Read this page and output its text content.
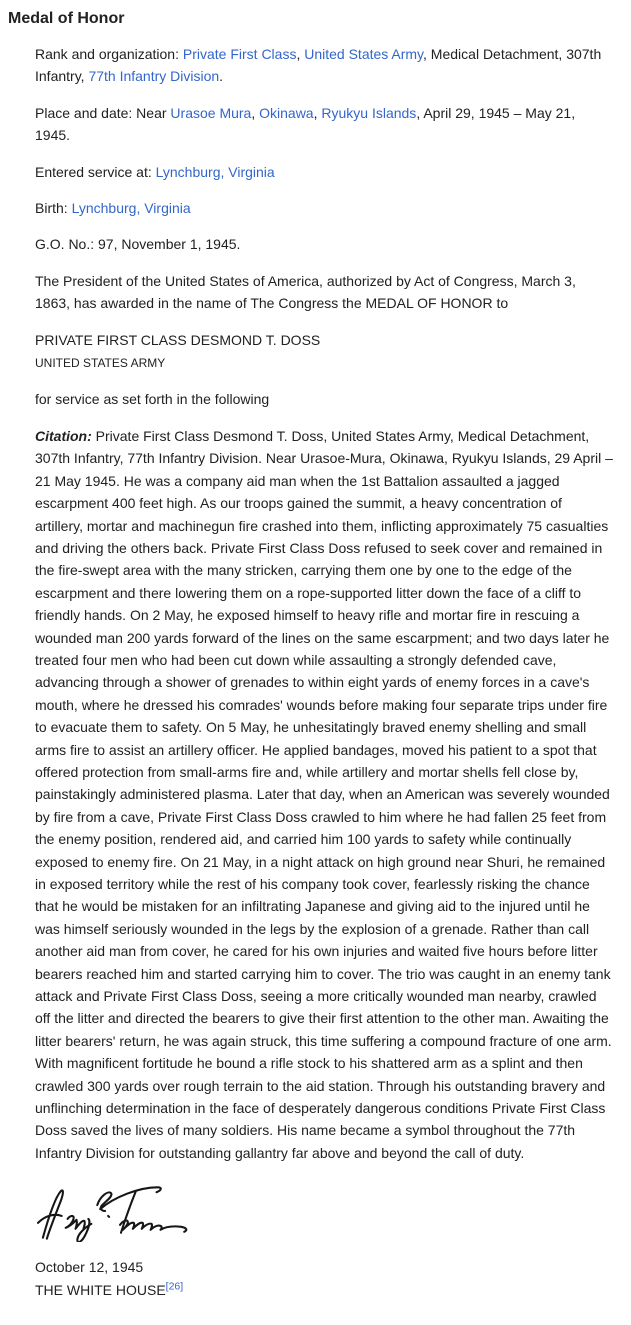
Medal of Honor

Rank and organization: Private First Class, United States Army, Medical Detachment, 307th Infantry, 77th Infantry Division.

Place and date: Near Urasoe Mura, Okinawa, Ryukyu Islands, April 29, 1945 – May 21, 1945.

Entered service at: Lynchburg, Virginia

Birth: Lynchburg, Virginia

G.O. No.: 97, November 1, 1945.

The President of the United States of America, authorized by Act of Congress, March 3, 1863, has awarded in the name of The Congress the MEDAL OF HONOR to

PRIVATE FIRST CLASS DESMOND T. DOSS
UNITED STATES ARMY

for service as set forth in the following

Citation: Private First Class Desmond T. Doss, United States Army, Medical Detachment, 307th Infantry, 77th Infantry Division. Near Urasoe-Mura, Okinawa, Ryukyu Islands, 29 April – 21 May 1945. He was a company aid man when the 1st Battalion assaulted a jagged escarpment 400 feet high. As our troops gained the summit, a heavy concentration of artillery, mortar and machinegun fire crashed into them, inflicting approximately 75 casualties and driving the others back. Private First Class Doss refused to seek cover and remained in the fire-swept area with the many stricken, carrying them one by one to the edge of the escarpment and there lowering them on a rope-supported litter down the face of a cliff to friendly hands. On 2 May, he exposed himself to heavy rifle and mortar fire in rescuing a wounded man 200 yards forward of the lines on the same escarpment; and two days later he treated four men who had been cut down while assaulting a strongly defended cave, advancing through a shower of grenades to within eight yards of enemy forces in a cave's mouth, where he dressed his comrades' wounds before making four separate trips under fire to evacuate them to safety. On 5 May, he unhesitatingly braved enemy shelling and small arms fire to assist an artillery officer. He applied bandages, moved his patient to a spot that offered protection from small-arms fire and, while artillery and mortar shells fell close by, painstakingly administered plasma. Later that day, when an American was severely wounded by fire from a cave, Private First Class Doss crawled to him where he had fallen 25 feet from the enemy position, rendered aid, and carried him 100 yards to safety while continually exposed to enemy fire. On 21 May, in a night attack on high ground near Shuri, he remained in exposed territory while the rest of his company took cover, fearlessly risking the chance that he would be mistaken for an infiltrating Japanese and giving aid to the injured until he was himself seriously wounded in the legs by the explosion of a grenade. Rather than call another aid man from cover, he cared for his own injuries and waited five hours before litter bearers reached him and started carrying him to cover. The trio was caught in an enemy tank attack and Private First Class Doss, seeing a more critically wounded man nearby, crawled off the litter and directed the bearers to give their first attention to the other man. Awaiting the litter bearers' return, he was again struck, this time suffering a compound fracture of one arm. With magnificent fortitude he bound a rifle stock to his shattered arm as a splint and then crawled 300 yards over rough terrain to the aid station. Through his outstanding bravery and unflinching determination in the face of desperately dangerous conditions Private First Class Doss saved the lives of many soldiers. His name became a symbol throughout the 77th Infantry Division for outstanding gallantry far above and beyond the call of duty.

October 12, 1945
THE WHITE HOUSE[26]
